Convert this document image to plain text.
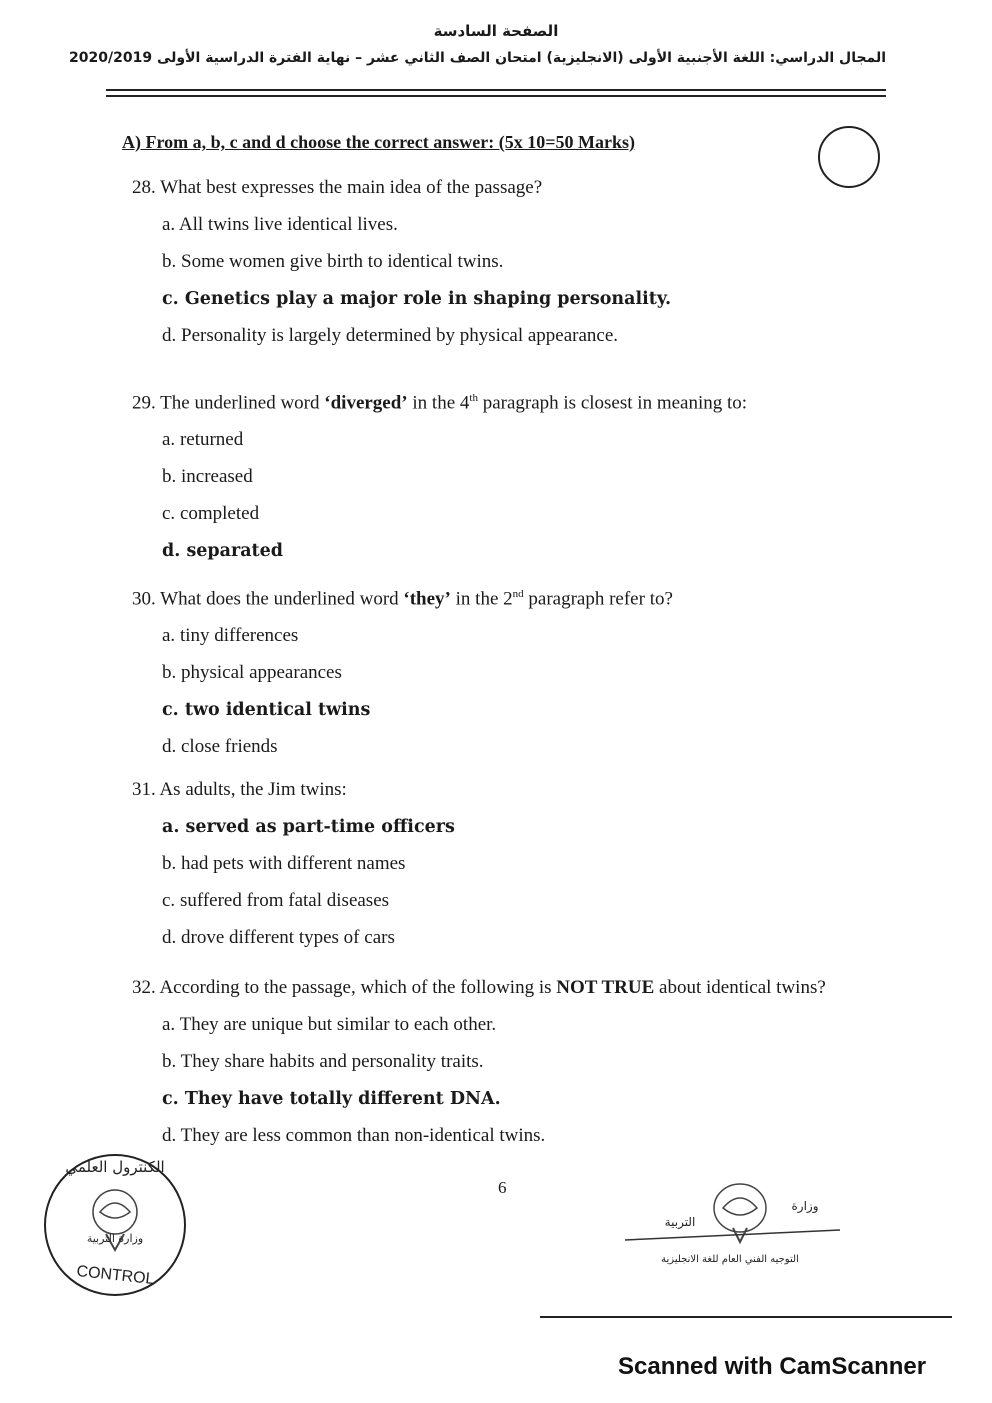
الصفحة السادسة
المجال الدراسي: اللغة الأجنبية الأولى (الانجليزية) امتحان الصف الثاني عشر – نهاية الفترة الدراسية الأولى 2020/2019
A) From a, b, c and d choose the correct answer: (5x 10=50 Marks)
28. What best expresses the main idea of the passage?
a. All twins live identical lives.
b. Some women give birth to identical twins.
c. Genetics play a major role in shaping personality.
d. Personality is largely determined by physical appearance.
29. The underlined word ‘diverged’ in the 4th paragraph is closest in meaning to:
a. returned
b. increased
c. completed
d. separated
30. What does the underlined word ‘they’ in the 2nd paragraph refer to?
a. tiny differences
b. physical appearances
c. two identical twins
d. close friends
31. As adults, the Jim twins:
a. served as part-time officers
b. had pets with different names
c. suffered from fatal diseases
d. drove different types of cars
32. According to the passage, which of the following is NOT TRUE about identical twins?
a. They are unique but similar to each other.
b. They share habits and personality traits.
c. They have totally different DNA.
d. They are less common than non-identical twins.
6
الكنترول العلمي
وزارة التربية
CONTROL
وزارة
التربية
التوجيه الفني العام للغة الانجليزية
Scanned with CamScanner
